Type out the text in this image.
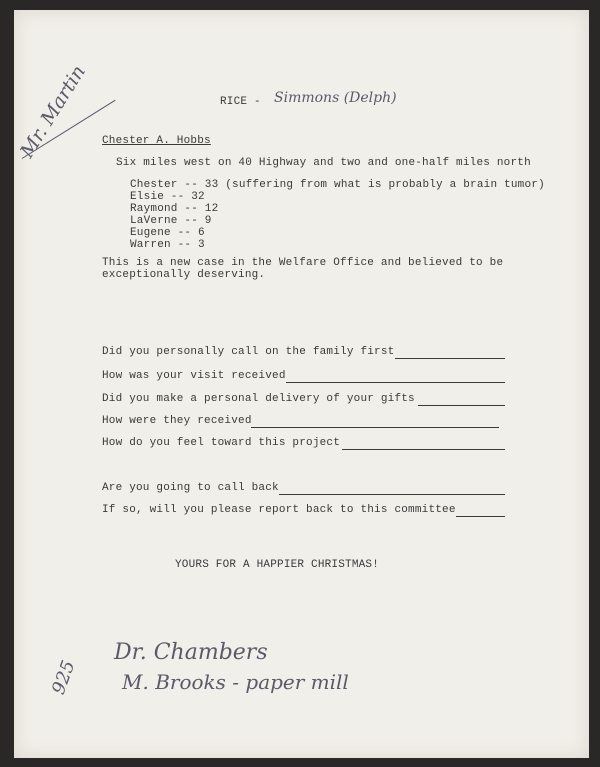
Mr. Martin	RICE - Simmons (Delph)
Chester A. Hobbs
Six miles west on 40 Highway and two and one-half miles north
Chester -- 33 (suffering from what is probably a brain tumor)
Elsie -- 32
Raymond -- 12
LaVerne -- 9
Eugene -- 6
Warren -- 3
This is a new case in the Welfare Office and believed to be
exceptionally deserving.
Did you personally call on the family first
How was your visit received
Did you make a personal delivery of your gifts
How were they received
How do you feel toward this project
Are you going to call back
If so, will you please report back to this committee
YOURS FOR A HAPPIER CHRISTMAS!
925
Dr. Chambers
M. Brooks - paper mill
